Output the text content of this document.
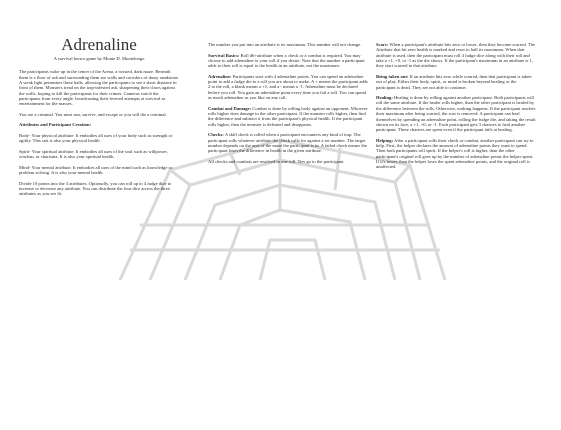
Adrenaline
A survival horror game by Monte D. Montelongo

The participants wake up in the center of the Arena, a twisted, dark maze. Beneath them is a floor of ash and surrounding them are walls and corridors of dusty sandstone. A weak light permeates these halls, allowing the participants to see a short distance in front of them. Monsters tread on the trap-infested ash, sharpening their claws against the walls, hoping to kill the participants for their crimes. Cameras watch the participants from every angle, broadcasting their fevered attempts at survival as entertainment for the masses.

You are a criminal. You must run, survive, and escape or you will die a criminal.

Attributes and Participant Creation:

Body- Your physical attribute. It embodies all uses of your body such as strength or agility. This stat is also your physical health.

Spirit- Your spiritual attribute. It embodies all uses of the soul such as willpower, wisdom, or charisma. It is also your spiritual health.

Mind- Your mental attribute. It embodies all uses of the mind such as knowledge or problem solving. It is also your mental health.

Divide 10 points into the 3 attributes. Optionally, you can roll up to 4 fudge dice to increase or decrease any attribute. You can distribute the four dice across the three attributes as you see fit.

The number you put into an attribute is its maximum. This number will not change.

Survival Basics: Roll d6+attribute when a check or a combat is required. You may choose to add adrenaline to your roll if you desire. Note that the number a participant adds to their roll is equal to the health in an attribute, not the maximum.

Adrenaline: Participants start with 4 adrenaline points. You can spend an adrenaline point to add a fudge die to a roll you are about to make. A + means the participant adds 2 to the roll, a blank means a +1, and a - means a -1. Adrenaline must be declared before you roll. You gain an adrenaline point every time you fail a roll. You can spend as much adrenaline as you like on any roll.

Combat and Damage: Combat is done by rolling body against an opponent. Whoever rolls higher does damage to the other participant. If the monster rolls higher, then find the difference and subtract it from the participant's physical health. If the participant rolls higher, then the monster is defeated and disappears.

Checks: A skill check is rolled when a participant encounters any kind of trap. The participant rolls whatever attribute the check calls for against a set number. The target number depends on the area of the maze the participant is in. A failed check means the participant loses the difference in health in the given attribute.

All checks and combats are resolved in one roll. Ties go to the participant.

Scars: When a participant's attribute hits zero or lower, then they become scarred. The Attribute that hit zero health is marked and reset to half its maximum. When that attribute is used, then the participant must roll 4 fudge dice along with their roll and take a +1, +0, or -1 as the die shows. If the participant's maximum in an attribute is 1, they start scarred in that attribute.

Being taken out: If an attribute hits zero while scarred, then that participant is taken out of play. Either their body, spirit, or mind is broken beyond healing or the participant is dead. They are not able to continue.

Healing: Healing is done by rolling against another participant. Both participants will roll the same attribute. If the healer rolls higher, than the other participant is healed by the difference between the rolls. Otherwise, nothing happens. If the participant reaches their maximum after being scarred, the scar is removed. A participant can heal themselves by spending an adrenaline point, rolling the fudge die, and taking the result shown on its face, a +1, +0, or -1. Each participant gets 3 chances to heal another participant. These chances are spent even if the participant fails at healing.

Helping: After a participant rolls their check or combat, another participant can try to help. First, the helper declares the amount of adrenaline points they want to spend. Then both participants roll spirit. If the helper's roll is higher, than the other participant's original roll goes up by the number of adrenaline points the helper spent. If it's lower, than the helper loses the spent adrenaline points, and the original roll is unaffected.
